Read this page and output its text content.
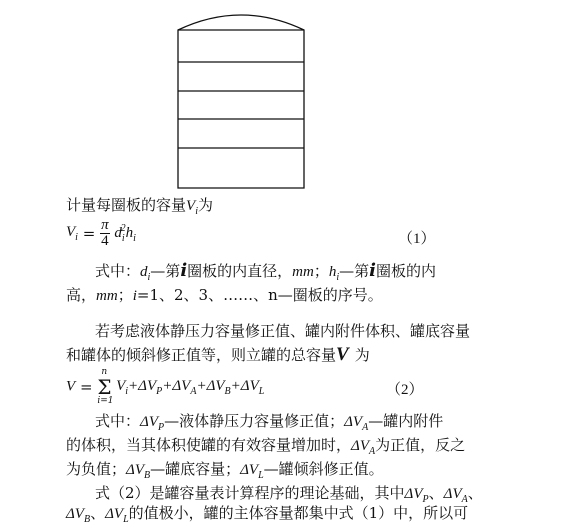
计量每圈板的容量$V_i$为
$V_i = \frac{\pi}{4} d_i^2h_i$	（1）
式中：$d_i—$第i圈板的内直径，mm；$h_i—$第i圈板的内
高，mm；i=1、2、3、……、n—圈板的序号。
若考虑液体静压力容量修正值、罐内附件体积、罐底容量
和罐体的倾斜修正值等，则立罐的总容量V 为
V =
n
Σ
i=1
$V_i+\Delta V_P+\Delta V_A+\Delta V_B+\Delta V_L$	（2）
式中：$\Delta V_P—$液体静压力容量修正值；$\Delta V_A—$罐内附件
的体积，当其体积使罐的有效容量增加时，$\Delta V_A$为正值，反之
为负值；$\Delta V_B—$罐底容量；$\Delta V_L—$罐倾斜修正值。
式（2）是罐容量表计算程序的理论基础，其中$\Delta V_P$、$\Delta V_A$、
$\Delta V_B$、$\Delta V_L$的值极小，罐的主体容量都集中式（1）中，所以可
